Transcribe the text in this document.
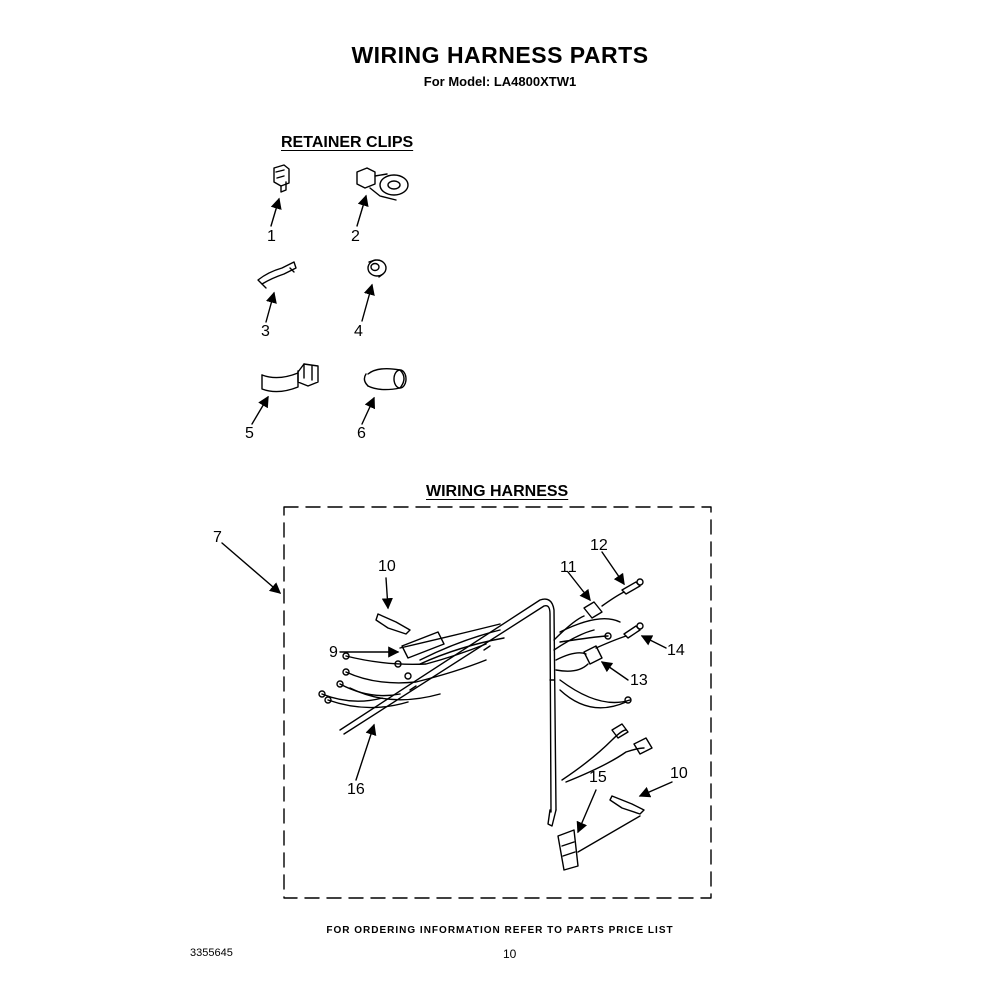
WIRING HARNESS PARTS
For Model: LA4800XTW1
RETAINER CLIPS
WIRING HARNESS
1	2
3	4
5	6
7
9
10
10
11
12
13
14
15
16
FOR ORDERING INFORMATION REFER TO PARTS PRICE LIST
3355645	10
